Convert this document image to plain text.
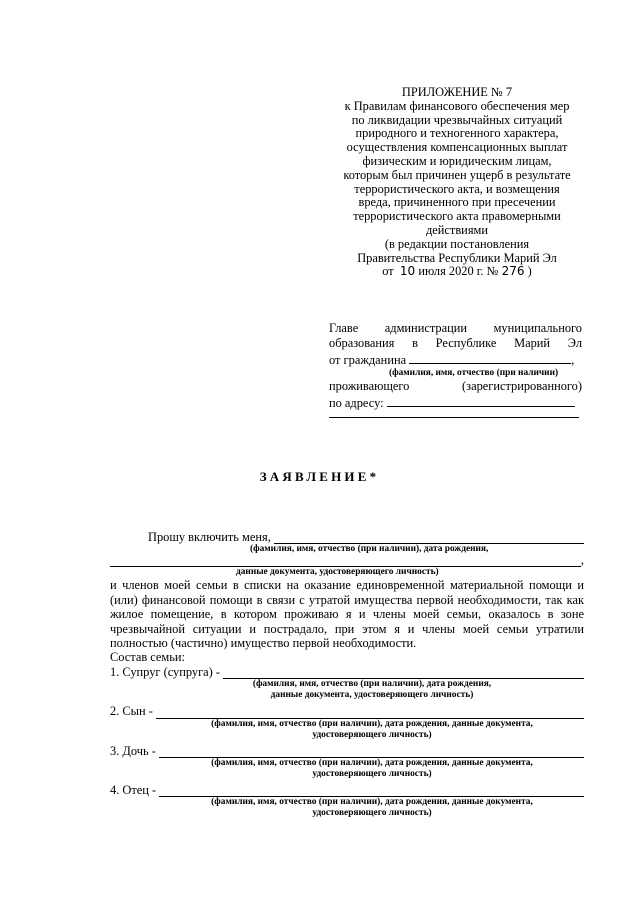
ПРИЛОЖЕНИЕ № 7
к Правилам финансового обеспечения мер
по ликвидации чрезвычайных ситуаций
природного и техногенного характера,
осуществления компенсационных выплат
физическим и юридическим лицам,
которым был причинен ущерб в результате
террористического акта, и возмещения
вреда, причиненного при пресечении
террористического акта правомерными
действиями
(в редакции постановления
Правительства Республики Марий Эл
от 10 июля 2020 г. № 276 )
Главе администрации муниципального
образования в Республике Марий Эл
от гражданина	,
(фамилия, имя, отчество (при наличии)
проживающего	(зарегистрированного)
по адресу:
ЗАЯВЛЕНИЕ*
Прошу включить меня,
(фамилия, имя, отчество (при наличии), дата рождения,
,
данные документа, удостоверяющего личность)
и членов моей семьи в списки на оказание единовременной материальной помощи и (или) финансовой помощи в связи с утратой имущества первой необходимости, так как жилое помещение, в котором проживаю я и члены моей семьи, оказалось в зоне чрезвычайной ситуации и пострадало, при этом я и члены моей семьи утратили полностью (частично) имущество первой необходимости.
Состав семьи:
1. Супруг (супруга) -
(фамилия, имя, отчество (при наличии), дата рождения,
данные документа, удостоверяющего личность)
2. Сын -
(фамилия, имя, отчество (при наличии), дата рождения, данные документа,
удостоверяющего личность)
3. Дочь -
(фамилия, имя, отчество (при наличии), дата рождения, данные документа,
удостоверяющего личность)
4. Отец -
(фамилия, имя, отчество (при наличии), дата рождения, данные документа,
удостоверяющего личность)
